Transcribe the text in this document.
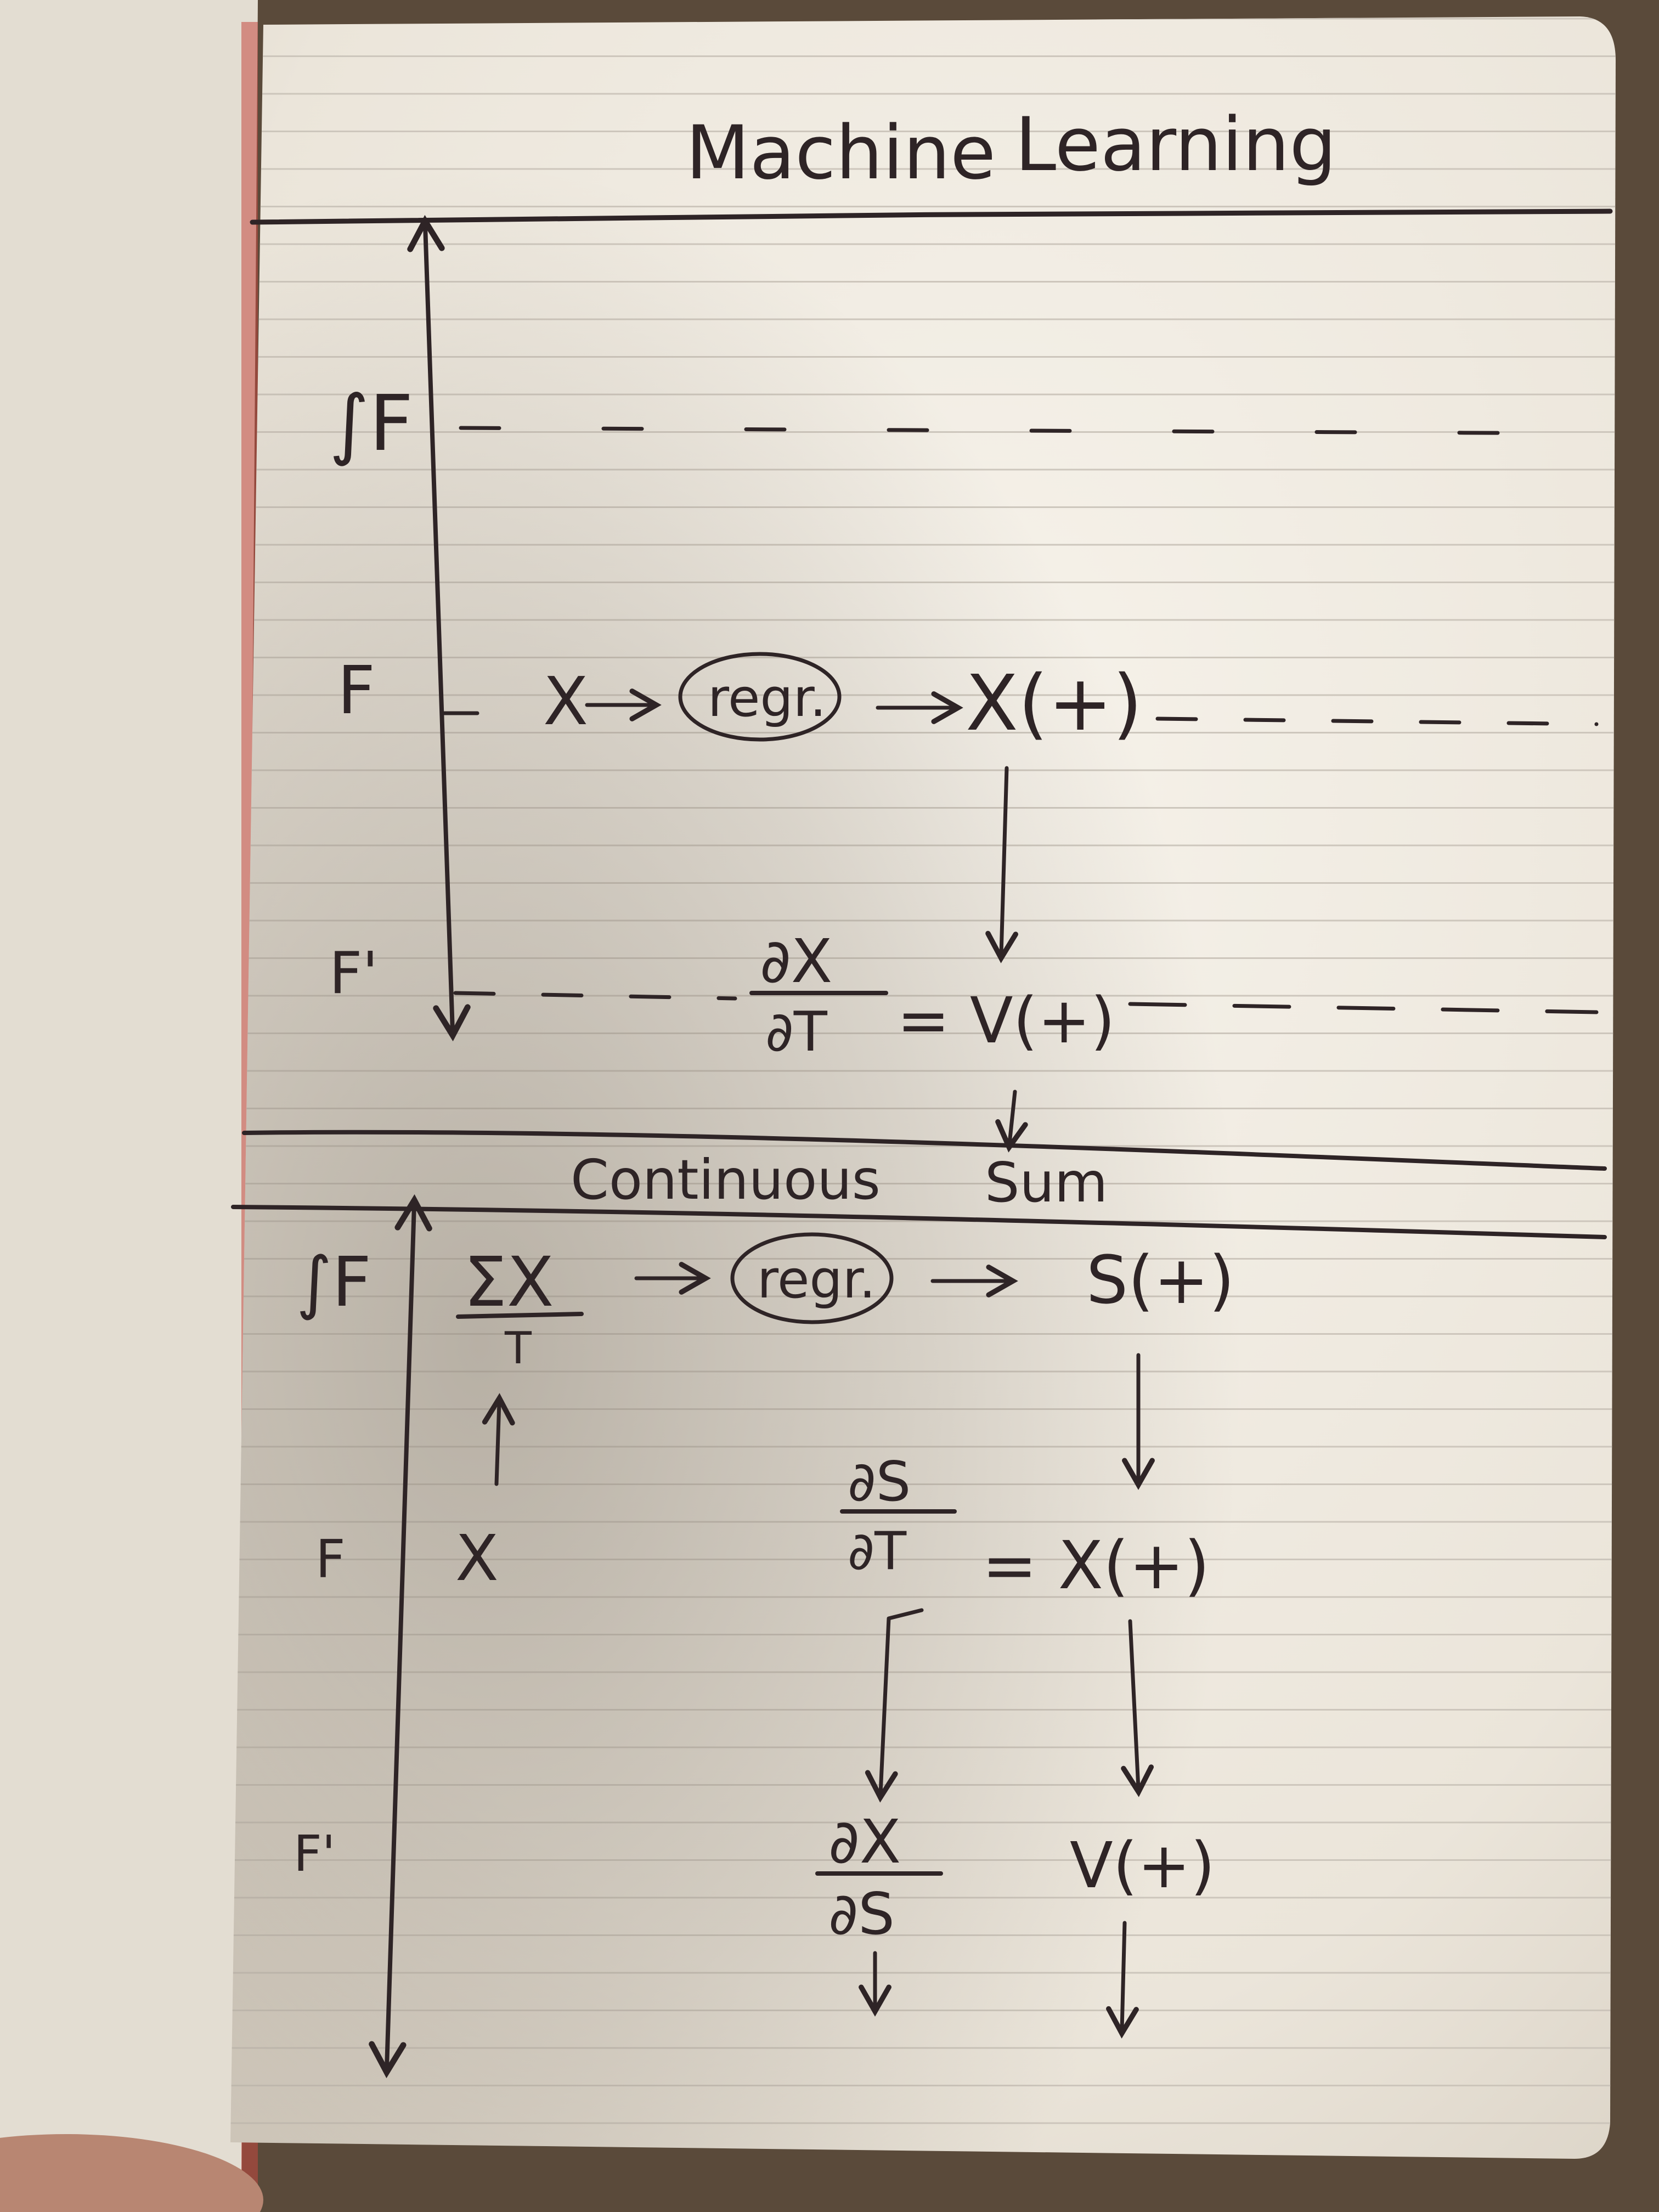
Machine Learning
∫F
F
F'
X regr. X(+)
∂X
∂T = V(+)
Continuous Sum
∫F
F
F'
ΣX
T
X
regr.	S(+)
∂S
∂T = X(+)
∂X
∂S
V(+)
